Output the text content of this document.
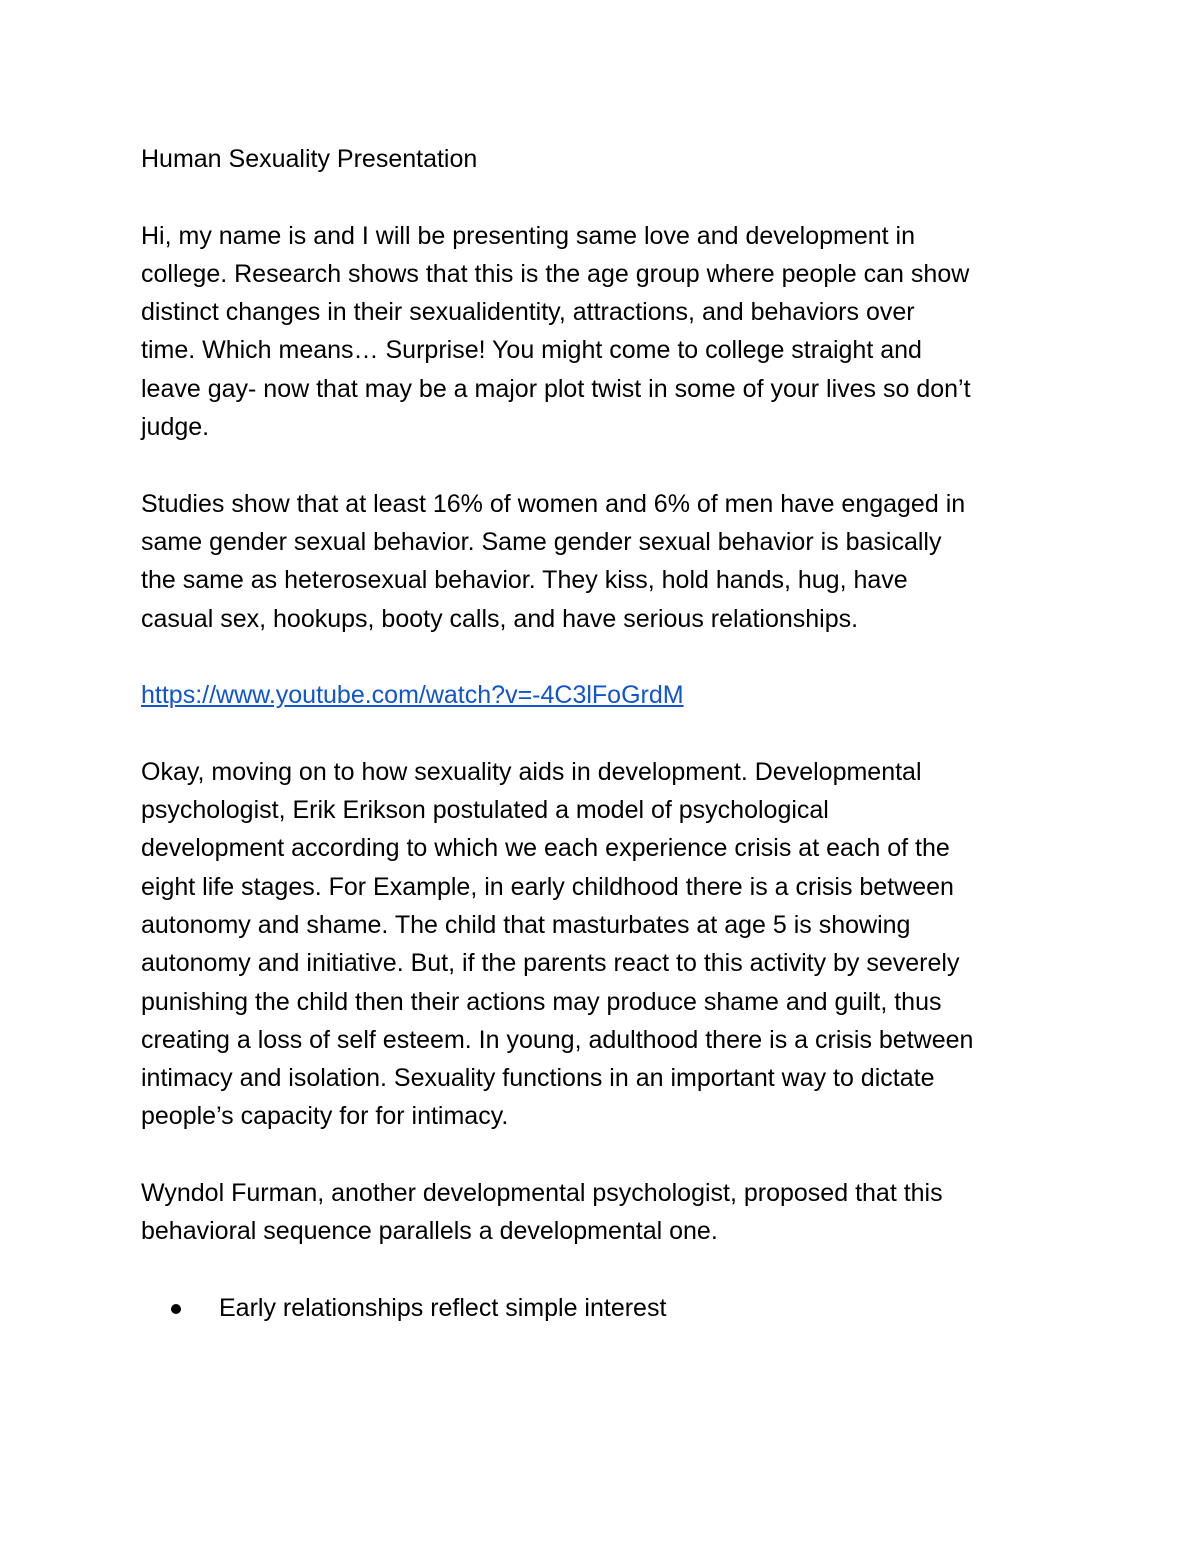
Human Sexuality Presentation
Hi, my name is and I will be presenting same love and development in
college. Research shows that this is the age group where people can show
distinct changes in their sexualidentity, attractions, and behaviors over
time. Which means… Surprise! You might come to college straight and
leave gay- now that may be a major plot twist in some of your lives so don’t
judge.
Studies show that at least 16% of women and 6% of men have engaged in
same gender sexual behavior. Same gender sexual behavior is basically
the same as heterosexual behavior. They kiss, hold hands, hug, have
casual sex, hookups, booty calls, and have serious relationships.
https://www.youtube.com/watch?v=-4C3lFoGrdM
Okay, moving on to how sexuality aids in development. Developmental
psychologist, Erik Erikson postulated a model of psychological
development according to which we each experience crisis at each of the
eight life stages. For Example, in early childhood there is a crisis between
autonomy and shame. The child that masturbates at age 5 is showing
autonomy and initiative. But, if the parents react to this activity by severely
punishing the child then their actions may produce shame and guilt, thus
creating a loss of self esteem. In young, adulthood there is a crisis between
intimacy and isolation. Sexuality functions in an important way to dictate
people’s capacity for for intimacy.
Wyndol Furman, another developmental psychologist, proposed that this
behavioral sequence parallels a developmental one.
Early relationships reflect simple interest
